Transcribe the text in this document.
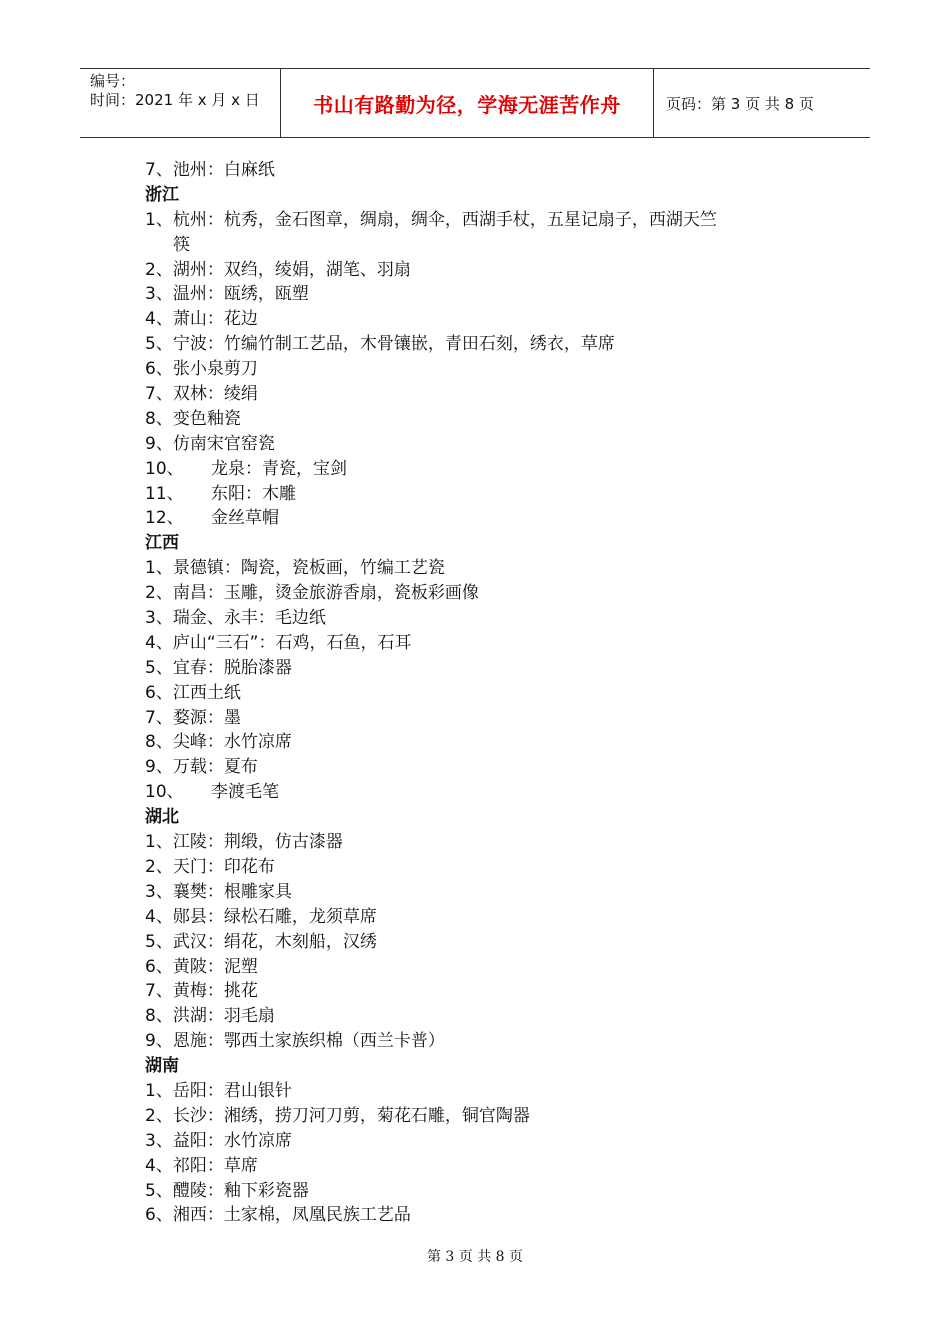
编号：
时间：2021 年 x 月 x 日	书山有路勤为径，学海无涯苦作舟	页码：第 3 页 共 8 页
7、池州：白麻纸
浙江
1、杭州：杭秀，金石图章，绸扇，绸伞，西湖手杖，五星记扇子，西湖天竺
筷
2、湖州：双绉，绫娟，湖笔、羽扇
3、温州：瓯绣，瓯塑
4、萧山：花边
5、宁波：竹编竹制工艺品，木骨镶嵌，青田石刻，绣衣，草席
6、张小泉剪刀
7、双林：绫绢
8、变色釉瓷
9、仿南宋官窑瓷
10、 龙泉：青瓷，宝剑
11、 东阳：木雕
12、 金丝草帽
江西
1、景德镇：陶瓷，瓷板画，竹编工艺瓷
2、南昌：玉雕，烫金旅游香扇，瓷板彩画像
3、瑞金、永丰：毛边纸
4、庐山“三石”：石鸡，石鱼，石耳
5、宜春：脱胎漆器
6、江西土纸
7、婺源：墨
8、尖峰：水竹凉席
9、万载：夏布
10、 李渡毛笔
湖北
1、江陵：荆缎，仿古漆器
2、天门：印花布
3、襄樊：根雕家具
4、郧县：绿松石雕，龙须草席
5、武汉：绢花，木刻船，汉绣
6、黄陂：泥塑
7、黄梅：挑花
8、洪湖：羽毛扇
9、恩施：鄂西土家族织棉（西兰卡普）
湖南
1、岳阳：君山银针
2、长沙：湘绣，捞刀河刀剪，菊花石雕，铜官陶器
3、益阳：水竹凉席
4、祁阳：草席
5、醴陵：釉下彩瓷器
6、湘西：土家棉，凤凰民族工艺品
第 3 页 共 8 页
